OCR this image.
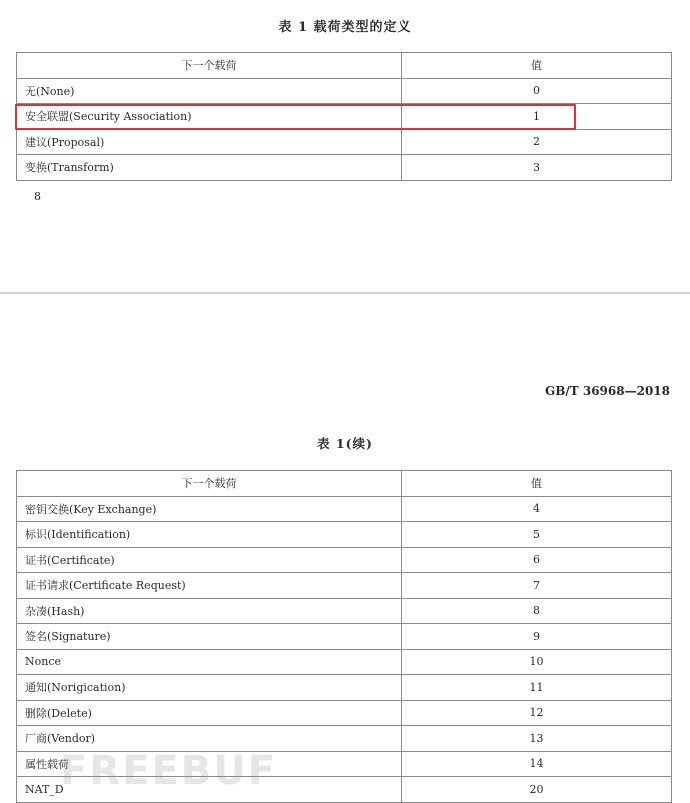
表 1 载荷类型的定义
下一个载荷	值
无(None)	0
安全联盟(Security Association)	1
建议(Proposal)	2
变换(Transform)	3
8
GB/T 36968—2018
表 1(续)
下一个载荷	值
密钥交换(Key Exchange)	4
标识(Identification)	5
证书(Certificate)	6
证书请求(Certificate Request)	7
杂凑(Hash)	8
签名(Signature)	9
Nonce	10
通知(Norigication)	11
删除(Delete)	12
厂商(Vendor)	13
属性载荷	14
NAT_D	20
FREEBUF
